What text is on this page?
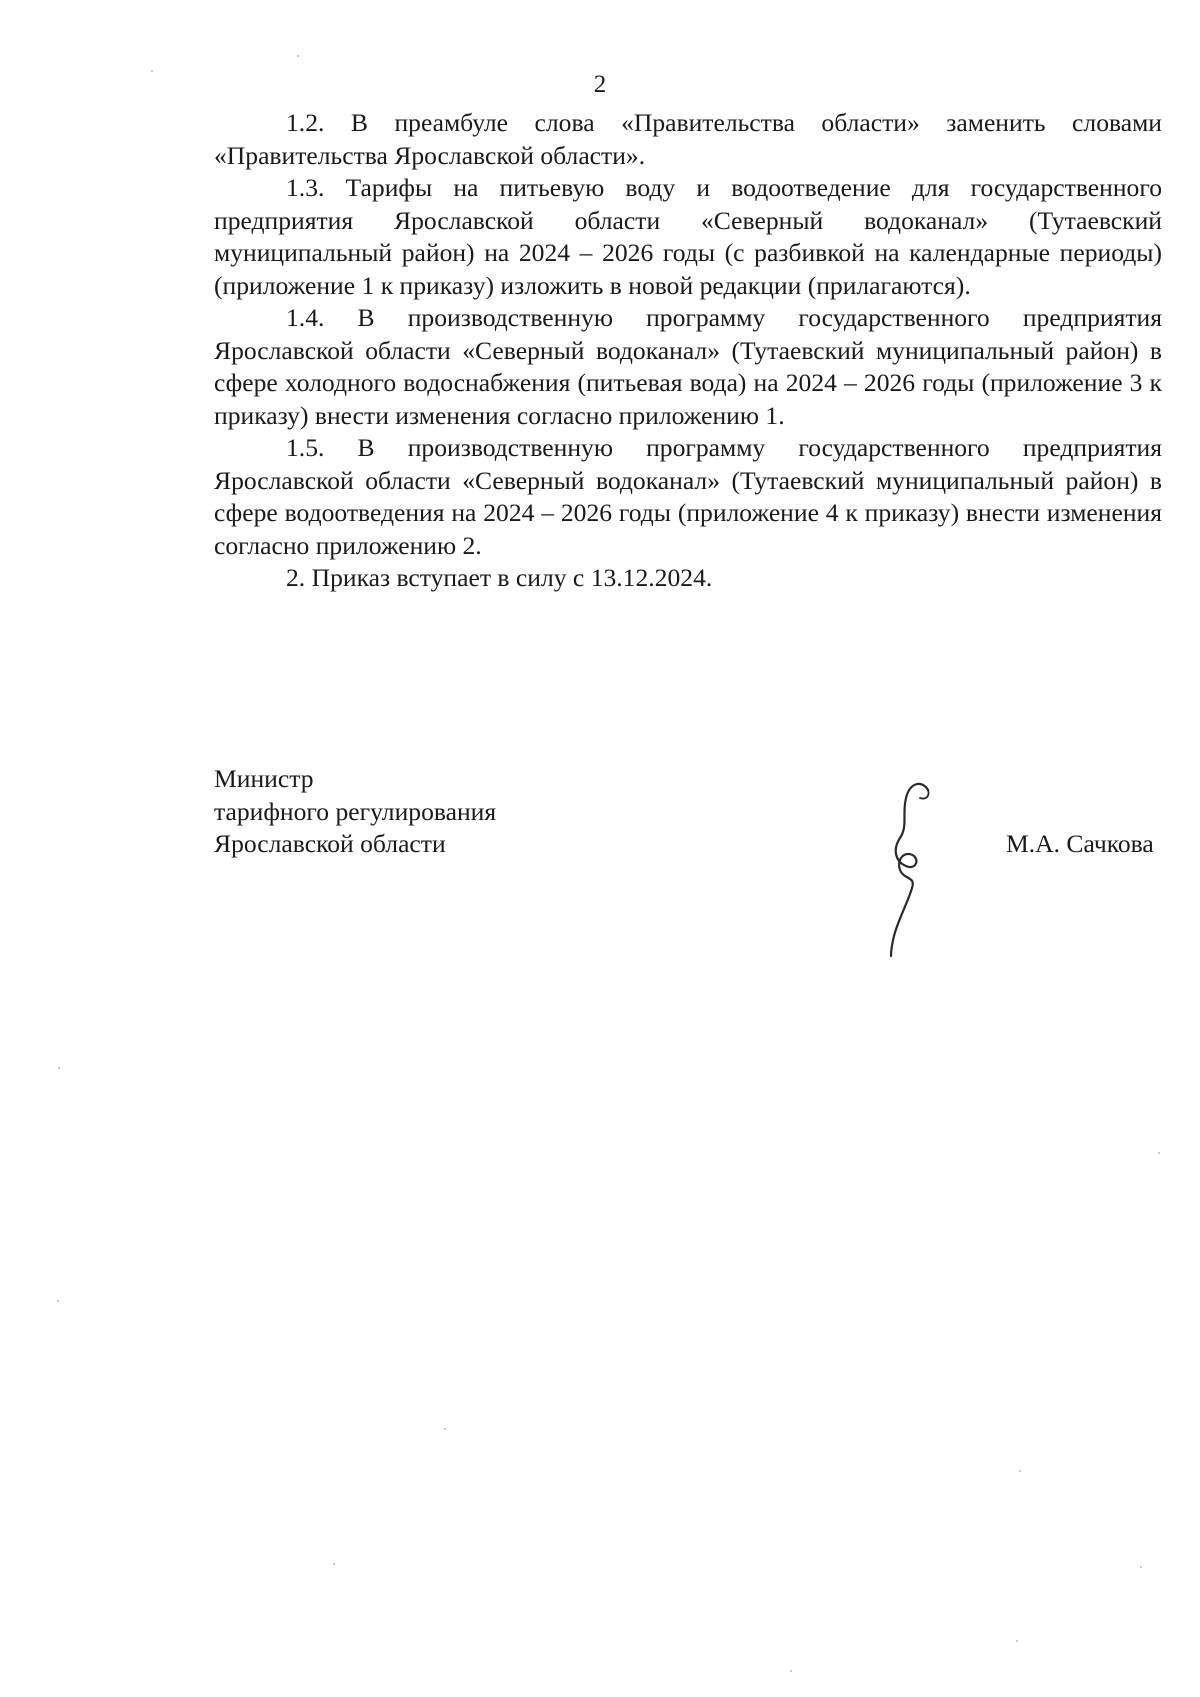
2

1.2. В преамбуле слова «Правительства области» заменить словами «Правительства Ярославской области».

1.3. Тарифы на питьевую воду и водоотведение для государственного предприятия Ярославской области «Северный водоканал» (Тутаевский муниципальный район) на 2024 – 2026 годы (с разбивкой на календарные периоды) (приложение 1 к приказу) изложить в новой редакции (прилагаются).

1.4. В производственную программу государственного предприятия Ярославской области «Северный водоканал» (Тутаевский муниципальный район) в сфере холодного водоснабжения (питьевая вода) на 2024 – 2026 годы (приложение 3 к приказу) внести изменения согласно приложению 1.

1.5. В производственную программу государственного предприятия Ярославской области «Северный водоканал» (Тутаевский муниципальный район) в сфере водоотведения на 2024 – 2026 годы (приложение 4 к приказу) внести изменения согласно приложению 2.

2. Приказ вступает в силу с 13.12.2024.

Министр
тарифного регулирования
Ярославской области	М.А. Сачкова
